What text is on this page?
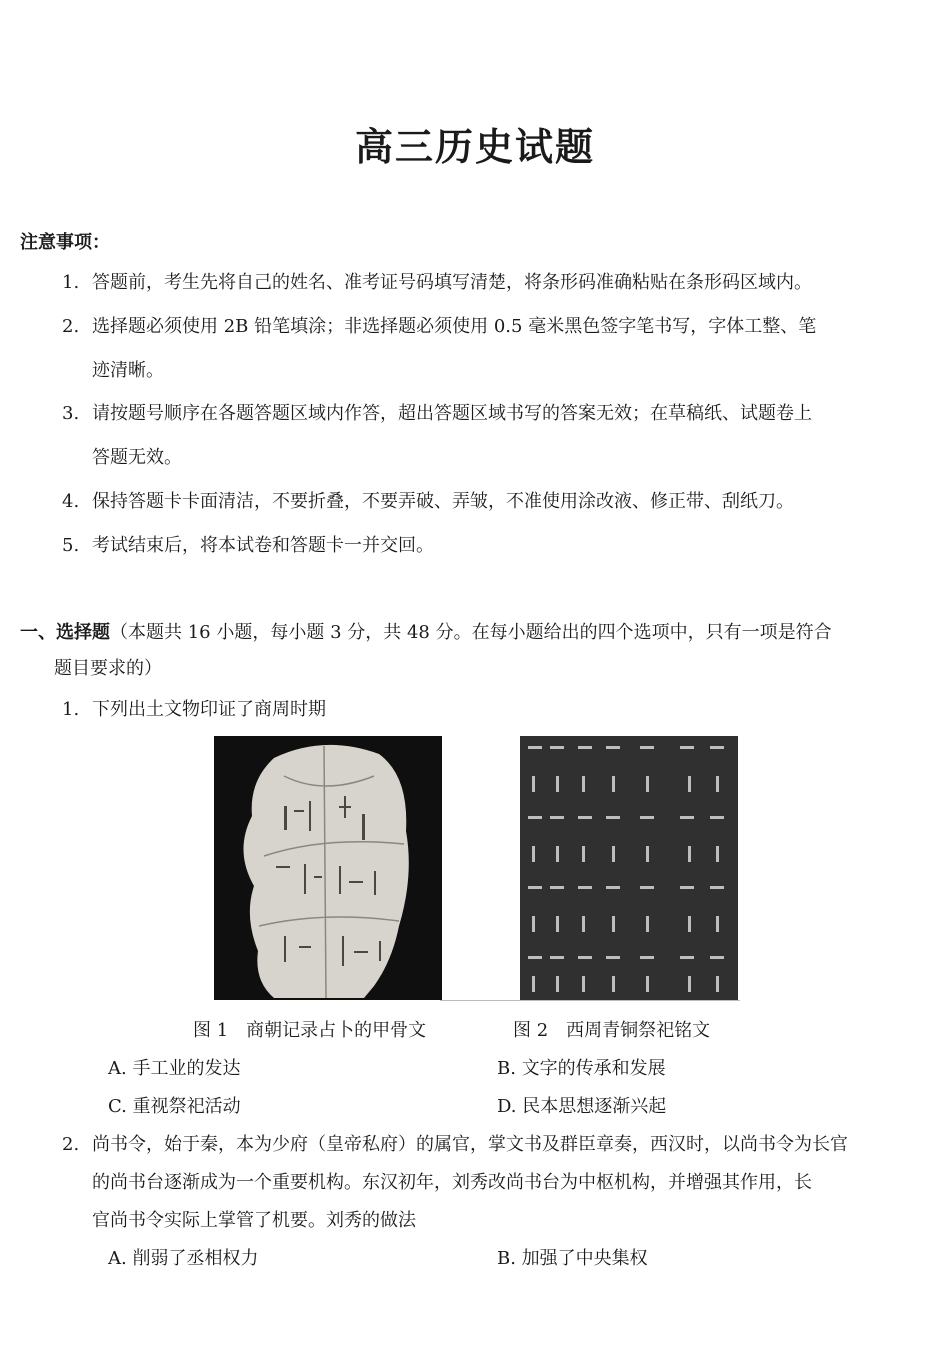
高三历史试题
注意事项：
1. 答题前，考生先将自己的姓名、准考证号码填写清楚，将条形码准确粘贴在条形码区域内。
2. 选择题必须使用 2B 铅笔填涂；非选择题必须使用 0.5 毫米黑色签字笔书写，字体工整、笔
迹清晰。
3. 请按题号顺序在各题答题区域内作答，超出答题区域书写的答案无效；在草稿纸、试题卷上
答题无效。
4. 保持答题卡卡面清洁，不要折叠，不要弄破、弄皱，不准使用涂改液、修正带、刮纸刀。
5. 考试结束后，将本试卷和答题卡一并交回。
一、选择题（本题共 16 小题，每小题 3 分，共 48 分。在每小题给出的四个选项中，只有一项是符合
题目要求的）
1. 下列出土文物印证了商周时期
图 1　商朝记录占卜的甲骨文	图 2　西周青铜祭祀铭文
A. 手工业的发达	B. 文字的传承和发展
C. 重视祭祀活动	D. 民本思想逐渐兴起
2. 尚书令，始于秦，本为少府（皇帝私府）的属官，掌文书及群臣章奏，西汉时，以尚书令为长官
的尚书台逐渐成为一个重要机构。东汉初年，刘秀改尚书台为中枢机构，并增强其作用，长
官尚书令实际上掌管了机要。刘秀的做法
A. 削弱了丞相权力	B. 加强了中央集权
